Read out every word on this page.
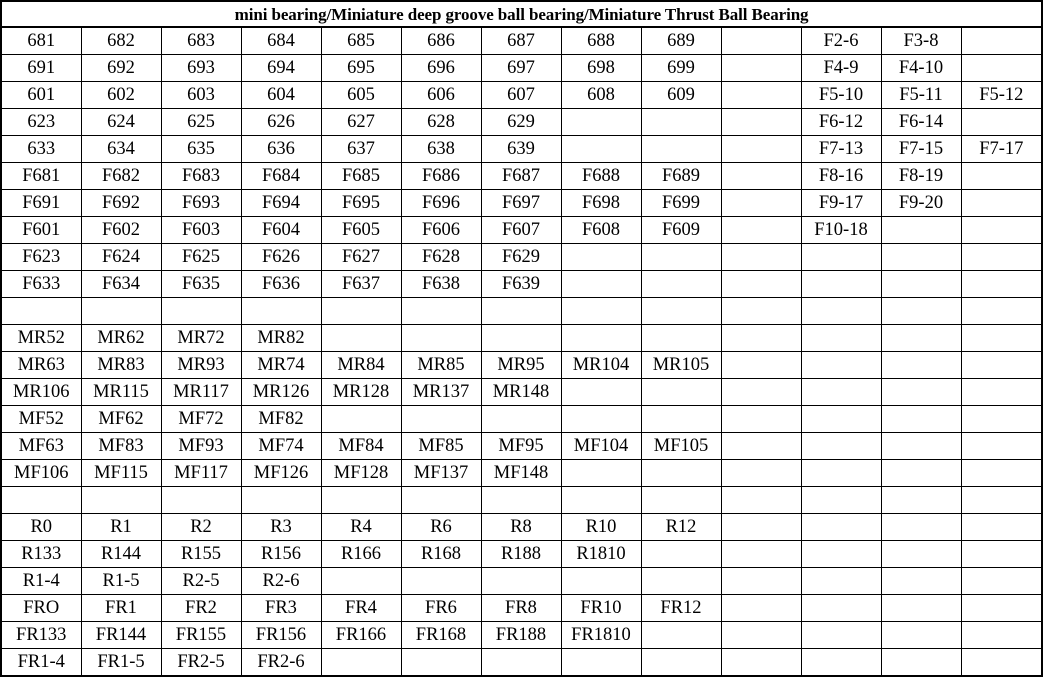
mini bearing/Miniature deep groove ball bearing/Miniature Thrust Ball Bearing												
681	682	683	684	685	686	687	688	689		F2-6	F3-8	
691	692	693	694	695	696	697	698	699		F4-9	F4-10	
601	602	603	604	605	606	607	608	609		F5-10	F5-11	F5-12
623	624	625	626	627	628	629				F6-12	F6-14	
633	634	635	636	637	638	639				F7-13	F7-15	F7-17
F681	F682	F683	F684	F685	F686	F687	F688	F689		F8-16	F8-19	
F691	F692	F693	F694	F695	F696	F697	F698	F699		F9-17	F9-20	
F601	F602	F603	F604	F605	F606	F607	F608	F609		F10-18		
F623	F624	F625	F626	F627	F628	F629						
F633	F634	F635	F636	F637	F638	F639						

MR52	MR62	MR72	MR82									
MR63	MR83	MR93	MR74	MR84	MR85	MR95	MR104	MR105				
MR106	MR115	MR117	MR126	MR128	MR137	MR148						
MF52	MF62	MF72	MF82									
MF63	MF83	MF93	MF74	MF84	MF85	MF95	MF104	MF105				
MF106	MF115	MF117	MF126	MF128	MF137	MF148						

R0	R1	R2	R3	R4	R6	R8	R10	R12				
R133	R144	R155	R156	R166	R168	R188	R1810					
R1-4	R1-5	R2-5	R2-6									
FRO	FR1	FR2	FR3	FR4	FR6	FR8	FR10	FR12				
FR133	FR144	FR155	FR156	FR166	FR168	FR188	FR1810					
FR1-4	FR1-5	FR2-5	FR2-6									
